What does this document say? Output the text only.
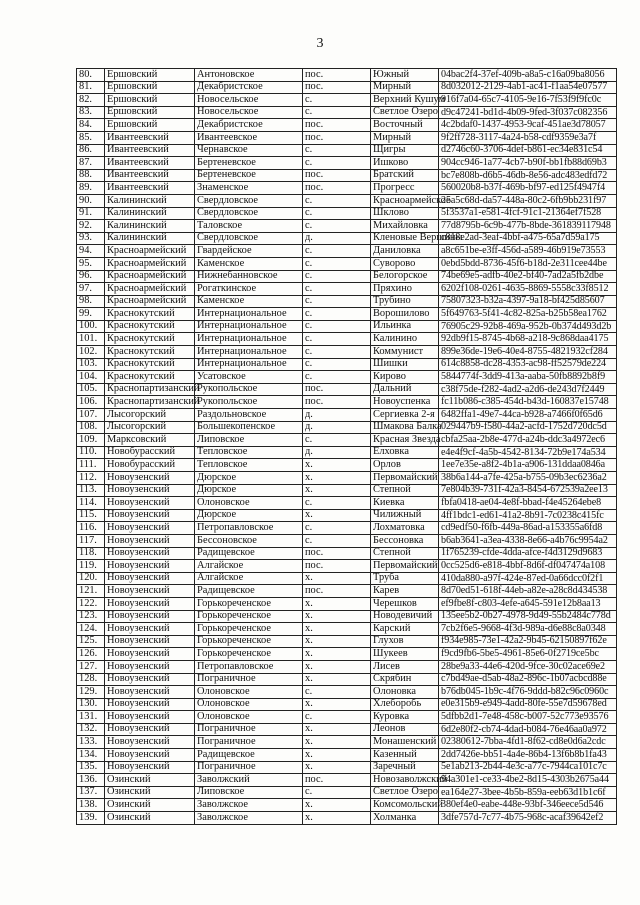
3
80.	Ершовский	Антоновское	пос.	Южный	04bac2f4-37ef-409b-a8a5-c16a09ba8056
81.	Ершовский	Декабристское	пос.	Мирный	8d032012-2129-4ab1-ac41-f1aa54e07577
82.	Ершовский	Новосельское	с.	Верхний Кушум	916f7a04-65c7-4105-9e16-7f53f9f9fc0c
83.	Ершовский	Новосельское	с.	Светлое Озеро	d9c47241-bd1d-4b09-9fed-3f037c082356
84.	Ершовский	Декабристское	пос.	Восточный	4c2bdaf0-1437-4953-9caf-451ae3d78057
85.	Ивантеевский	Ивантеевское	пос.	Мирный	9f2ff728-3117-4a24-b58-cdf9359e3a7f
86.	Ивантеевский	Чернавское	с.	Щигры	d2746c60-3706-4def-b861-ec34e831c54
87.	Ивантеевский	Бертеневское	с.	Ишково	904cc946-1a77-4cb7-b90f-bb1fb88d69b3
88.	Ивантеевский	Бертеневское	пос.	Братский	bc7e808b-d6b5-46db-8e56-adc483edfd72
89.	Ивантеевский	Знаменское	пос.	Прогресс	560020b8-b37f-469b-bf97-ed125f4947f4
90.	Калининский	Свердловское	с.	Красноармейское	25a5c68d-da57-448a-80c2-6fb9bb231f97
91.	Калининский	Свердловское	с.	Шклово	5f3537a1-e581-4fcf-91c1-21364ef7f528
92.	Калининский	Таловское	с.	Михайловка	77d8795b-6c9b-477b-8bde-361839117948
93.	Калининский	Свердловское	д.	Кленовые Вершины	c818e2ad-3eaf-4bbf-a475-65a7d59a175
94.	Красноармейский	Гвардейское	с.	Даниловка	a8c651be-e3ff-456d-a589-46b919e73553
95.	Красноармейский	Каменское	с.	Суворово	0ebd5bdd-8736-45f6-b18d-2e311cee44be
96.	Красноармейский	Нижнебанновское	с.	Белогорское	74be69e5-adfb-40e2-bf40-7ad2a5fb2dbe
97.	Красноармейский	Рогаткинское	с.	Пряхино	6202f108-0261-4635-8869-5558c33f8512
98.	Красноармейский	Каменское	с.	Трубино	75807323-b32a-4397-9a18-bf425d85607
99.	Краснокутский	Интернациональное	с.	Ворошилово	5f649763-5f41-4c82-825a-b25b58ea1762
100.	Краснокутский	Интернациональное	с.	Ильинка	76905c29-92b8-469a-952b-0b374d493d2b
101.	Краснокутский	Интернациональное	с.	Калинино	92db9f15-8745-4b68-a218-9c868daa4175
102.	Краснокутский	Интернациональное	с.	Коммунист	899e36de-19e6-40e4-8755-4821932cf284
103.	Краснокутский	Интернациональное	с.	Шишки	614c8858-dc28-4353-ac98-ff52579de224
104.	Краснокутский	Усатовское	с.	Кирово	5844774f-3dd9-413a-aaba-50fb8892b8f9
105.	Краснопартизанский	Рукопольское	пос.	Дальний	c38f75de-f282-4ad2-a2d6-de243d7f2449
106.	Краснопартизанский	Рукопольское	пос.	Новоуспенка	fc11b086-c385-454d-b43d-160837e15748
107.	Лысогорский	Раздольновское	д.	Сергиевка 2-я	6482ffa1-49e7-44ca-b928-a7466f0f65d6
108.	Лысогорский	Большекопенское	д.	Шмакова Балка	029447b9-f580-44a2-acfd-1752d720dc5d
109.	Марксовский	Липовское	с.	Красная Звезда	cbfa25aa-2b8e-477d-a24b-ddc3a4972ec6
110.	Новобурасский	Тепловское	д.	Елховка	e4e4f9cf-4a5b-4542-8134-72b9e174a534
111.	Новобурасский	Тепловское	х.	Орлов	1ee7e35e-a8f2-4b1a-a906-131ddaa0846a
112.	Новоузенский	Дюрское	х.	Первомайский	38b6a144-a7fe-425a-b755-09b3ec6236a2
113.	Новоузенский	Дюрское	х.	Степной	7e804b39-731f-42a3-8454-672539a2ee13
114.	Новоузенский	Олоновское	с.	Киевка	fbfa0418-ae04-4e8f-bbad-f4e45264ebe8
115.	Новоузенский	Дюрское	х.	Чилижный	4ff1bdc1-ed61-41a2-8b91-7c0238c415fc
116.	Новоузенский	Петропавловское	с.	Лохматовка	cd9edf50-f6fb-449a-86ad-a153355a6fd8
117.	Новоузенский	Бессоновское	с.	Бессоновка	b6ab3641-a3ea-4338-8e66-a4b76c9954a2
118.	Новоузенский	Радищевское	пос.	Степной	1f765239-cfde-4dda-afce-f4d3129d9683
119.	Новоузенский	Алгайское	пос.	Первомайский	0cc525d6-e818-4bbf-8d6f-df047474a108
120.	Новоузенский	Алгайское	х.	Труба	410da880-a97f-424e-87ed-0a66dcc0f2f1
121.	Новоузенский	Радищевское	пос.	Карев	8d70ed51-618f-44eb-a82e-a28c8d434538
122.	Новоузенский	Горькореченское	х.	Черешков	ef9fbe8f-c803-4efe-a645-591e12b8aa13
123.	Новоузенский	Горькореченское	х.	Новодевичий	135ee5b2-0b27-4978-9d49-55b2484c778d
124.	Новоузенский	Горькореченское	х.	Карский	7cb2f6e5-9668-4f3d-989a-d6e88c8a0348
125.	Новоузенский	Горькореченское	х.	Глухов	f934e985-73e1-42a2-9b45-62150897f62e
126.	Новоузенский	Горькореченское	х.	Шукеев	f9cd9fb6-5be5-4961-85e6-0f2719ce5bc
127.	Новоузенский	Петропавловское	х.	Лисев	28be9a33-44e6-420d-9fce-30c02ace69e2
128.	Новоузенский	Пограничное	х.	Скрябин	c7bd49ae-d5ab-48a2-896c-1b07acbcd88e
129.	Новоузенский	Олоновское	с.	Олоновка	b76db045-1b9c-4f76-9ddd-b82c96c0960c
130.	Новоузенский	Олоновское	х.	Хлеборобь	e0e315b9-e949-4add-80fe-55e7d59678ed
131.	Новоузенский	Олоновское	с.	Куровка	5dfbb2d1-7e48-458c-b007-52c773e93576
132.	Новоузенский	Пограничное	х.	Леонов	6d2e80f2-cb74-4dad-b084-76e46aa0a972
133.	Новоузенский	Пограничное	х.	Монашенский	02380612-7bba-4fd1-8f62-cd8e0d6a2cdc
134.	Новоузенский	Радищевское	х.	Казенный	2dd7426e-bb51-4a4e-86b4-13f6b8b1fa43
135.	Новоузенский	Пограничное	х.	Заречный	5e1ab213-2b44-4e3c-a77c-7944ca101c7c
136.	Озинский	Заволжский	пос.	Новозаволжский	94a301e1-ce33-4be2-8d15-4303b2675a44
137.	Озинский	Липовское	с.	Светлое Озеро	ea164e27-3bee-4b5b-859a-eeb63d1b1c6f
138.	Озинский	Заволжское	х.	Комсомольский	380ef4e0-eabe-448e-93bf-346eece5d546
139.	Озинский	Заволжское	х.	Холманка	3dfe757d-7c77-4b75-968c-acaf39642ef2
